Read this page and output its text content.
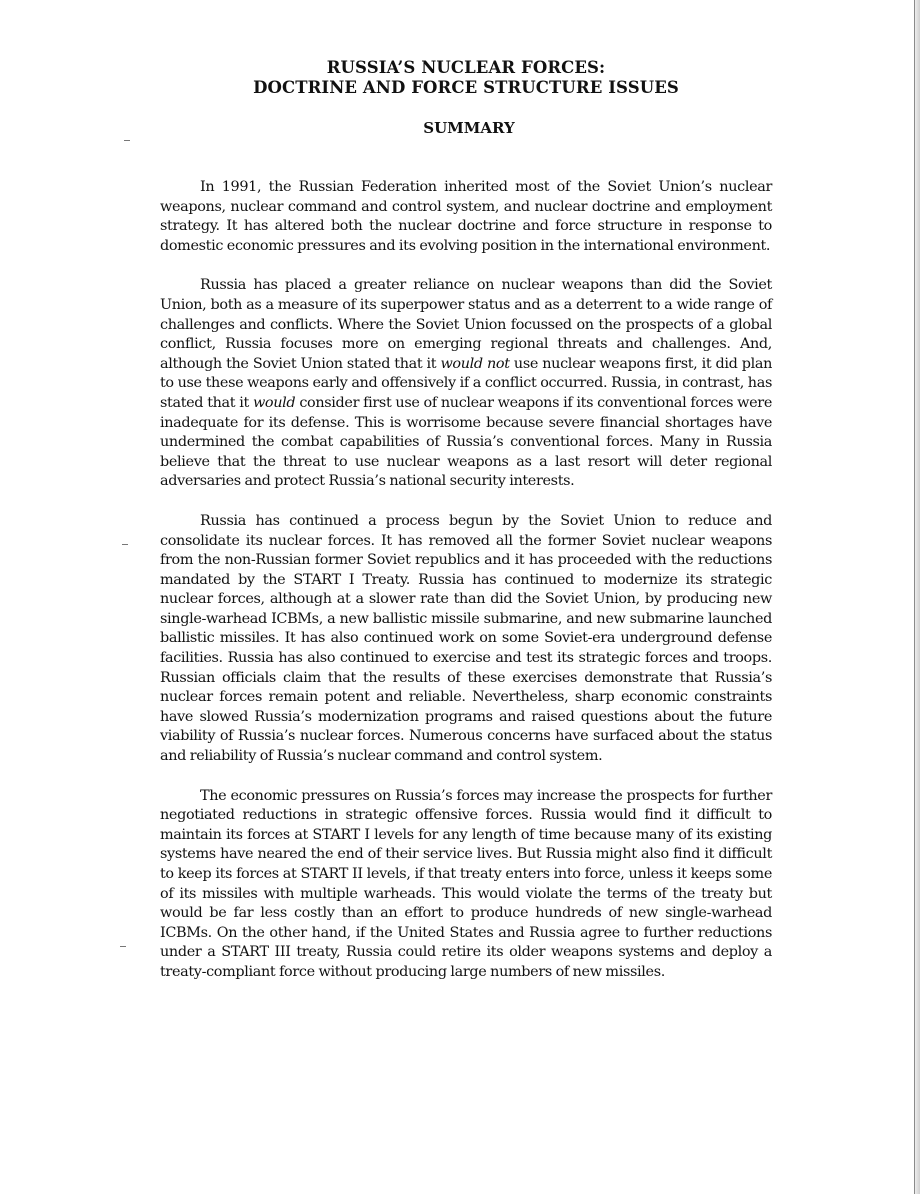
RUSSIA’S NUCLEAR FORCES:
DOCTRINE AND FORCE STRUCTURE ISSUES
SUMMARY

In 1991, the Russian Federation inherited most of the Soviet Union’s nuclear weapons, nuclear command and control system, and nuclear doctrine and employment strategy. It has altered both the nuclear doctrine and force structure in response to domestic economic pressures and its evolving position in the international environment.

Russia has placed a greater reliance on nuclear weapons than did the Soviet Union, both as a measure of its superpower status and as a deterrent to a wide range of challenges and conflicts. Where the Soviet Union focussed on the prospects of a global conflict, Russia focuses more on emerging regional threats and challenges. And, although the Soviet Union stated that it would not use nuclear weapons first, it did plan to use these weapons early and offensively if a conflict occurred. Russia, in contrast, has stated that it would consider first use of nuclear weapons if its conventional forces were inadequate for its defense. This is worrisome because severe financial shortages have undermined the combat capabilities of Russia’s conventional forces. Many in Russia believe that the threat to use nuclear weapons as a last resort will deter regional adversaries and protect Russia’s national security interests.

Russia has continued a process begun by the Soviet Union to reduce and consolidate its nuclear forces. It has removed all the former Soviet nuclear weapons from the non-Russian former Soviet republics and it has proceeded with the reductions mandated by the START I Treaty. Russia has continued to modernize its strategic nuclear forces, although at a slower rate than did the Soviet Union, by producing new single-warhead ICBMs, a new ballistic missile submarine, and new submarine launched ballistic missiles. It has also continued work on some Soviet-era underground defense facilities. Russia has also continued to exercise and test its strategic forces and troops. Russian officials claim that the results of these exercises demonstrate that Russia’s nuclear forces remain potent and reliable. Nevertheless, sharp economic constraints have slowed Russia’s modernization programs and raised questions about the future viability of Russia’s nuclear forces. Numerous concerns have surfaced about the status and reliability of Russia’s nuclear command and control system.

The economic pressures on Russia’s forces may increase the prospects for further negotiated reductions in strategic offensive forces. Russia would find it difficult to maintain its forces at START I levels for any length of time because many of its existing systems have neared the end of their service lives. But Russia might also find it difficult to keep its forces at START II levels, if that treaty enters into force, unless it keeps some of its missiles with multiple warheads. This would violate the terms of the treaty but would be far less costly than an effort to produce hundreds of new single-warhead ICBMs. On the other hand, if the United States and Russia agree to further reductions under a START III treaty, Russia could retire its older weapons systems and deploy a treaty-compliant force without producing large numbers of new missiles.
